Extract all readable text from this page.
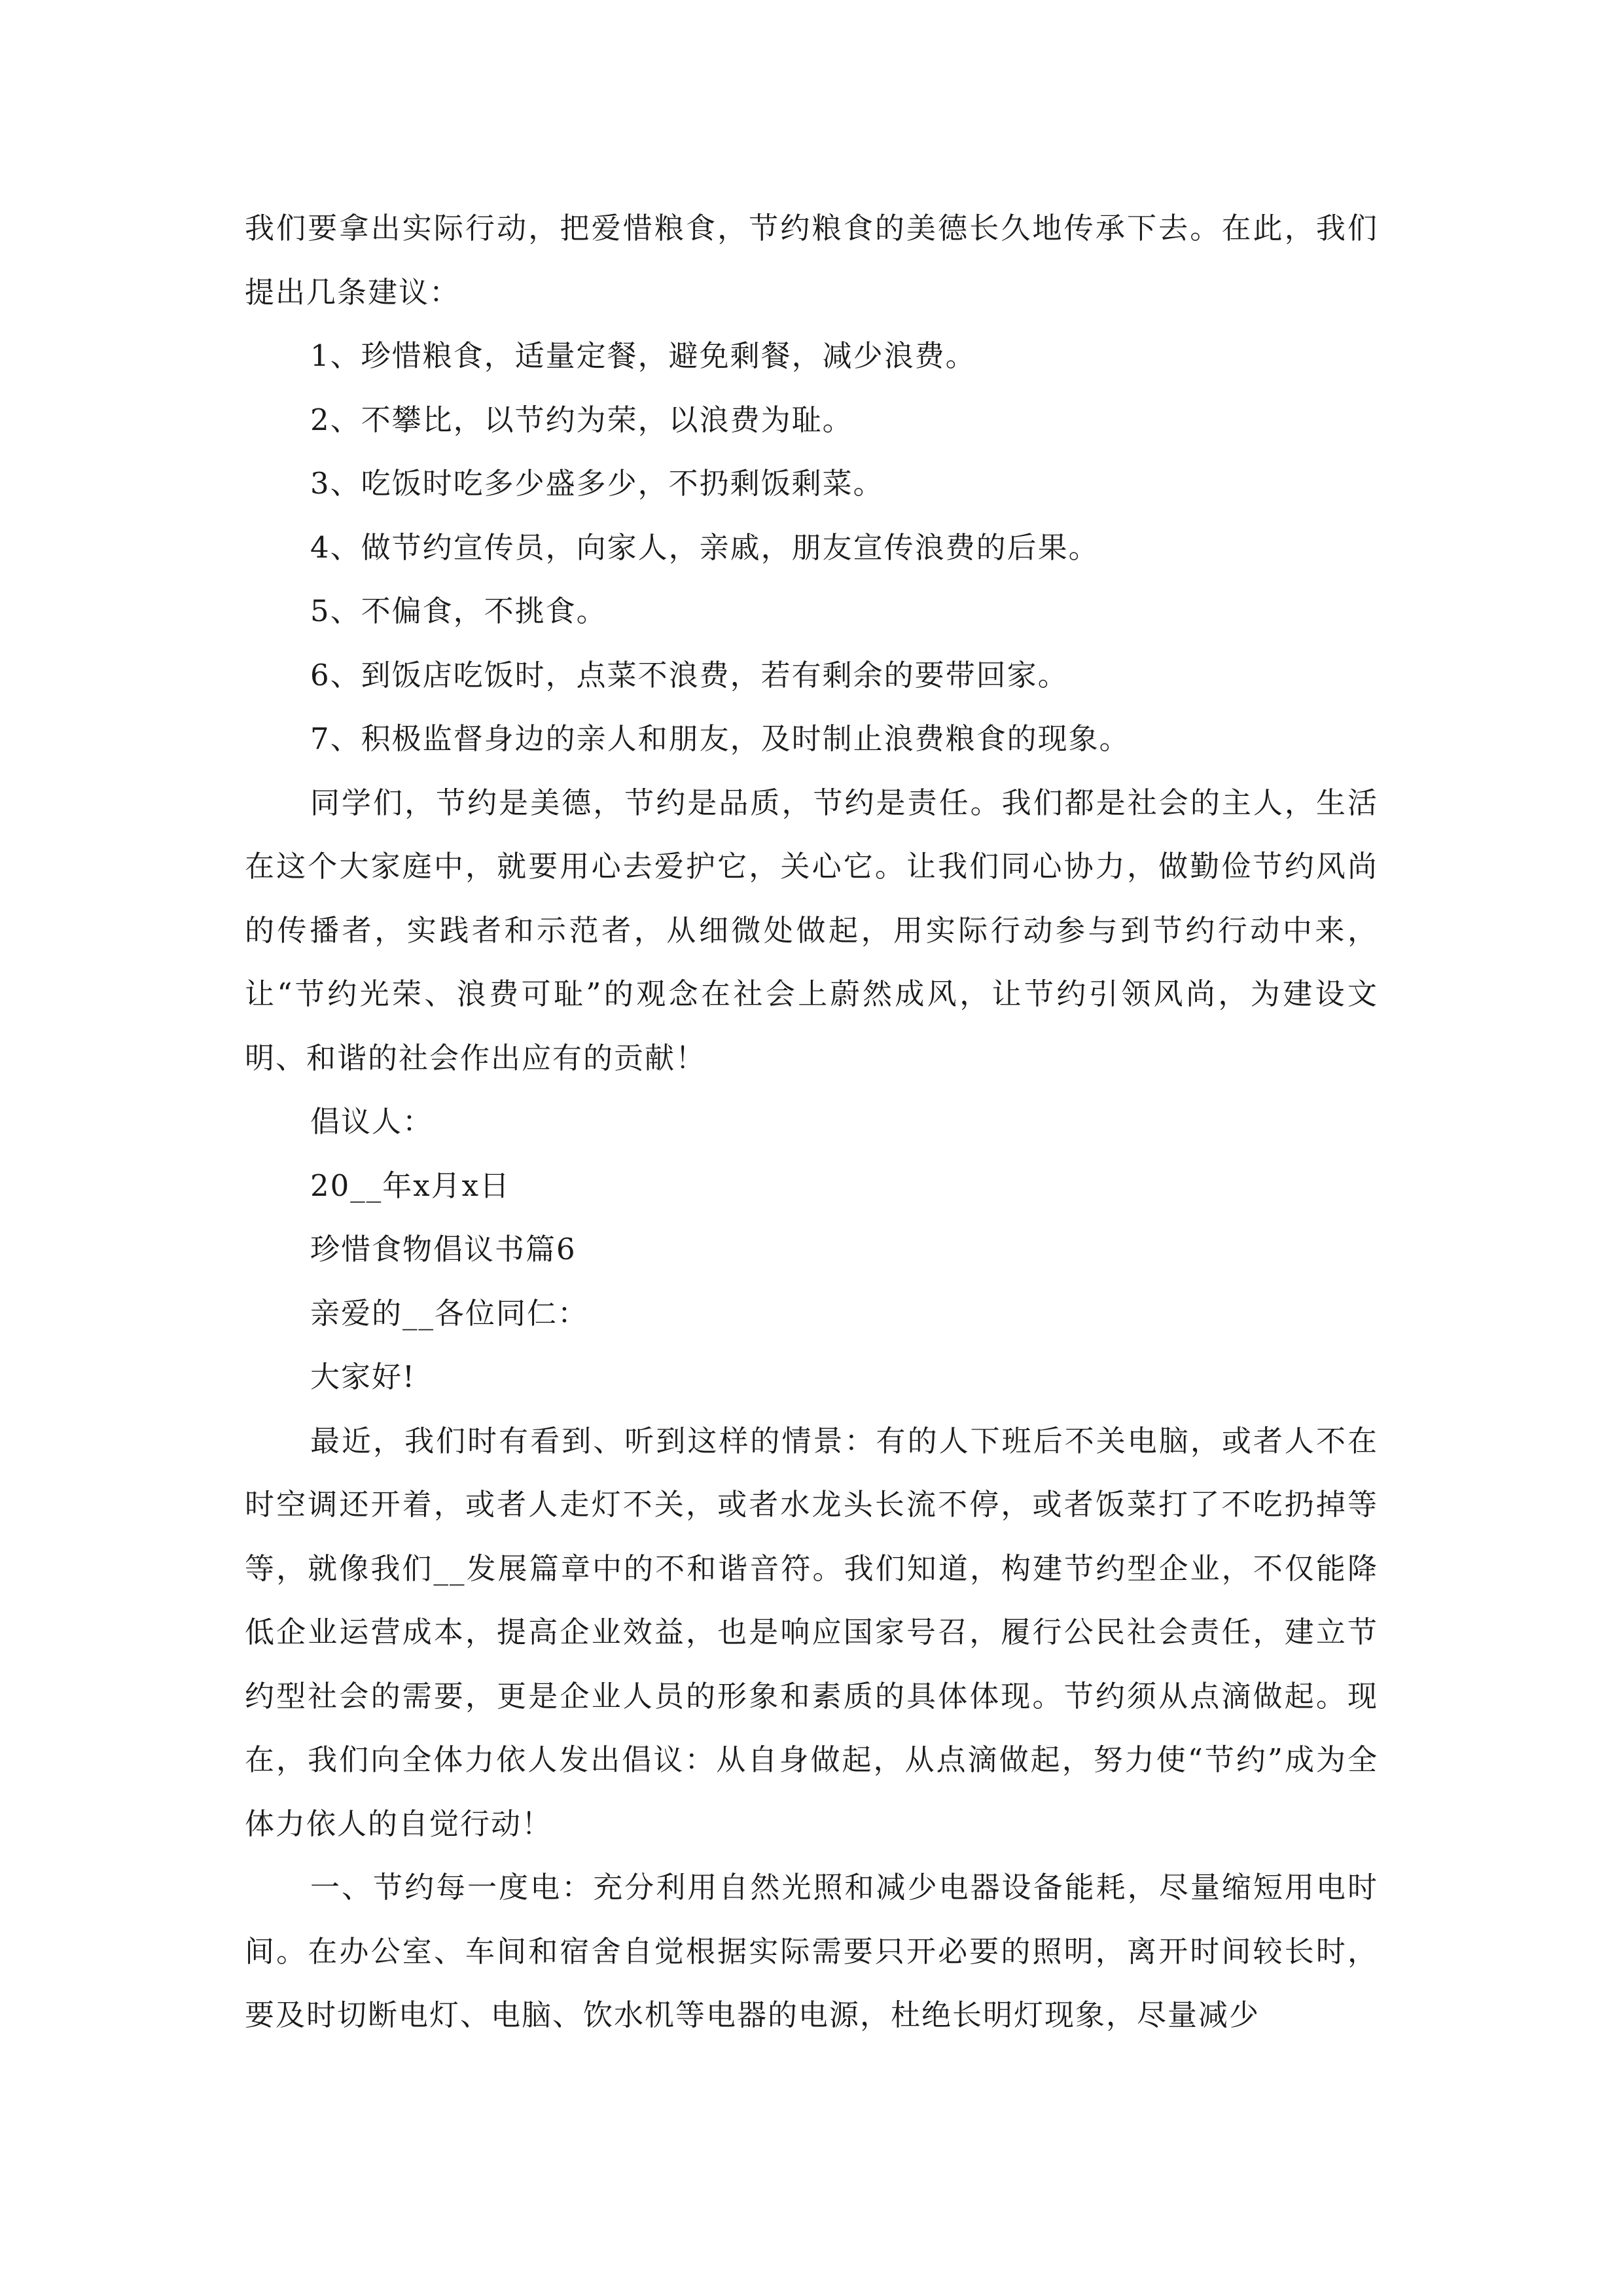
我们要拿出实际行动，把爱惜粮食，节约粮食的美德长久地传承下去。在此，我们提出几条建议：

1、珍惜粮食，适量定餐，避免剩餐，减少浪费。

2、不攀比，以节约为荣，以浪费为耻。

3、吃饭时吃多少盛多少，不扔剩饭剩菜。

4、做节约宣传员，向家人，亲戚，朋友宣传浪费的后果。

5、不偏食，不挑食。

6、到饭店吃饭时，点菜不浪费，若有剩余的要带回家。

7、积极监督身边的亲人和朋友，及时制止浪费粮食的现象。

同学们，节约是美德，节约是品质，节约是责任。我们都是社会的主人，生活在这个大家庭中，就要用心去爱护它，关心它。让我们同心协力，做勤俭节约风尚的传播者，实践者和示范者，从细微处做起，用实际行动参与到节约行动中来，让“节约光荣、浪费可耻”的观念在社会上蔚然成风，让节约引领风尚，为建设文明、和谐的社会作出应有的贡献！

倡议人：

20__年x月x日

珍惜食物倡议书篇6

亲爱的__各位同仁：

大家好!

最近，我们时有看到、听到这样的情景：有的人下班后不关电脑，或者人不在时空调还开着，或者人走灯不关，或者水龙头长流不停，或者饭菜打了不吃扔掉等等，就像我们__发展篇章中的不和谐音符。我们知道，构建节约型企业，不仅能降低企业运营成本，提高企业效益，也是响应国家号召，履行公民社会责任，建立节约型社会的需要，更是企业人员的形象和素质的具体体现。节约须从点滴做起。现在，我们向全体力依人发出倡议：从自身做起，从点滴做起，努力使“节约”成为全体力依人的自觉行动！

一、节约每一度电：充分利用自然光照和减少电器设备能耗，尽量缩短用电时间。在办公室、车间和宿舍自觉根据实际需要只开必要的照明，离开时间较长时，要及时切断电灯、电脑、饮水机等电器的电源，杜绝长明灯现象，尽量减少
